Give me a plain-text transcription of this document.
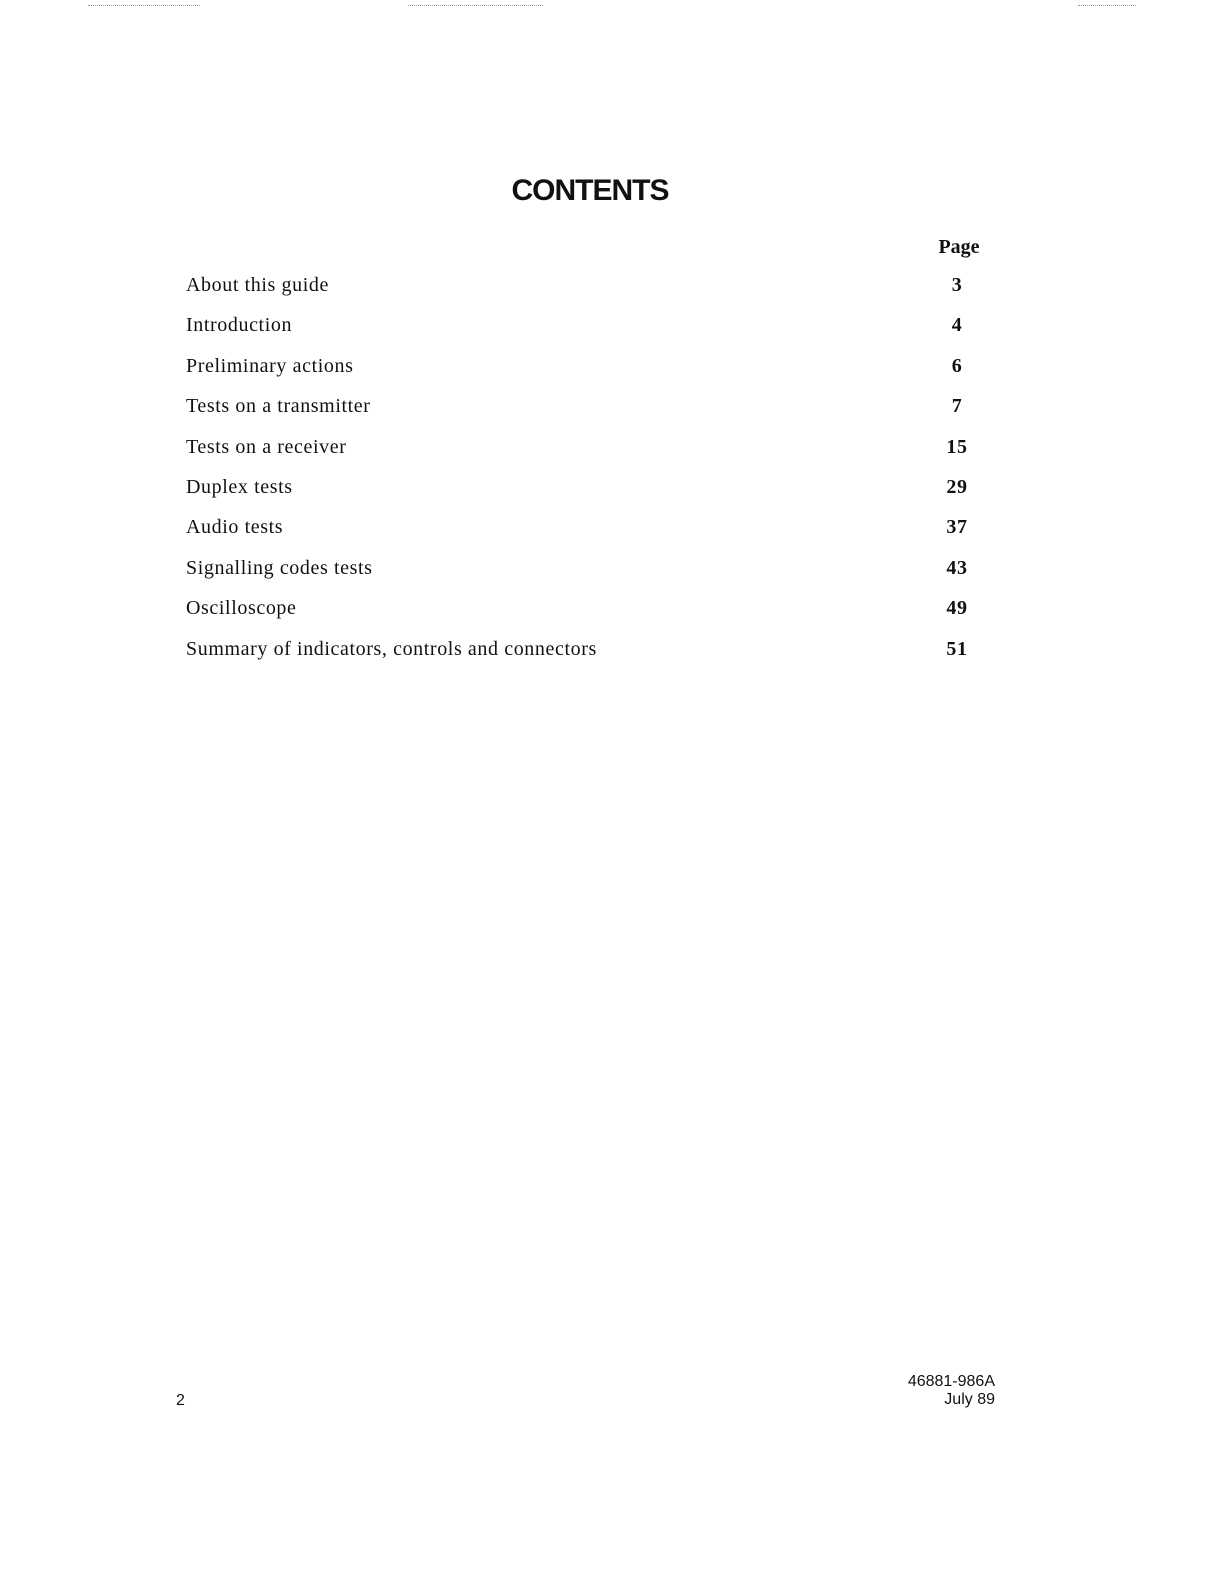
CONTENTS
Page
About this guide	3
Introduction	4
Preliminary actions	6
Tests on a transmitter	7
Tests on a receiver	15
Duplex tests	29
Audio tests	37
Signalling codes tests	43
Oscilloscope	49
Summary of indicators, controls and connectors	51
2
46881-986A
July 89
